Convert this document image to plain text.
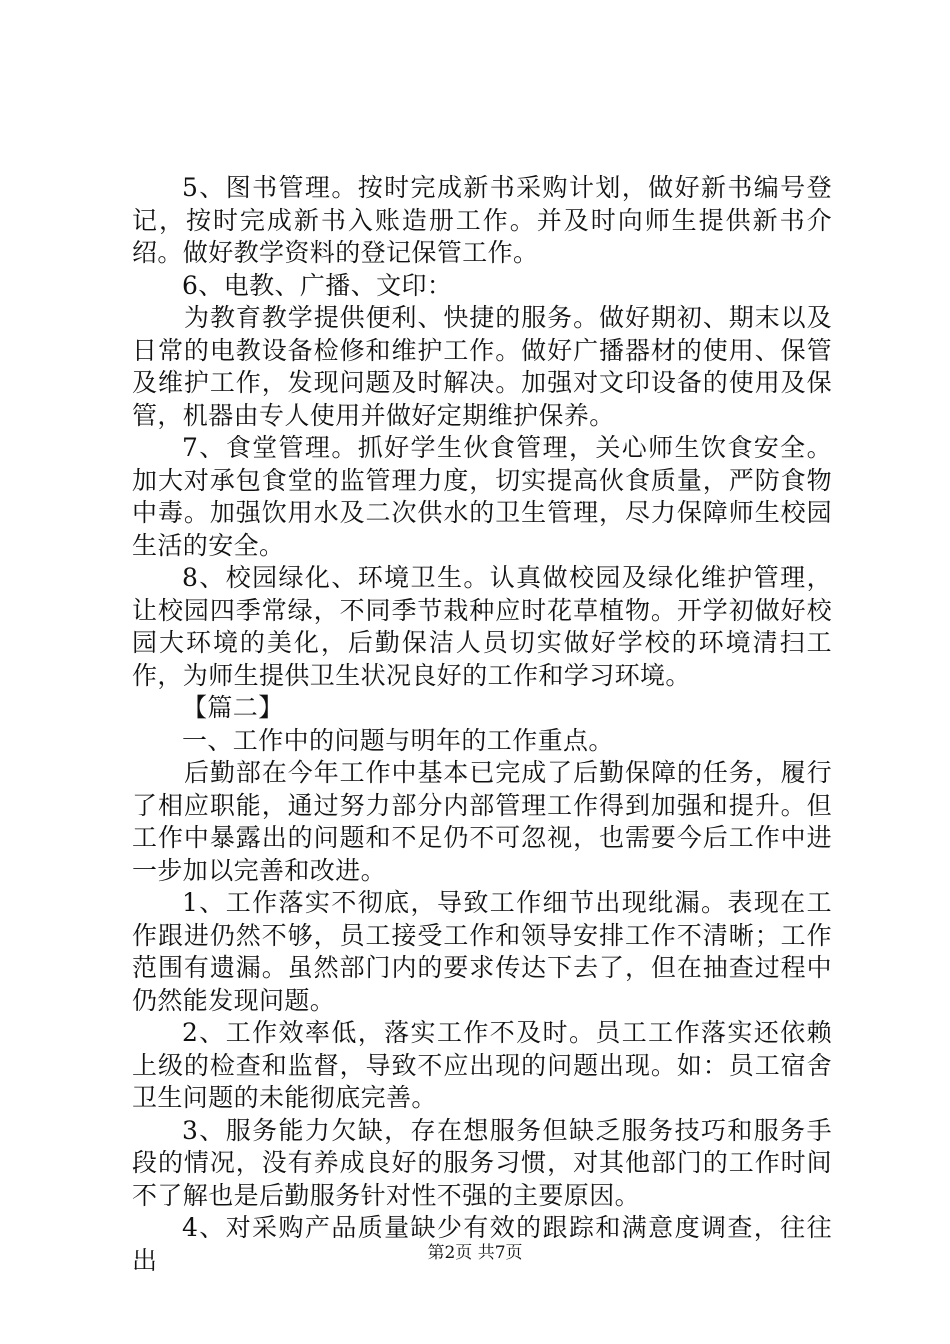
5、图书管理。按时完成新书采购计划，做好新书编号登记，按时完成新书入账造册工作。并及时向师生提供新书介绍。做好教学资料的登记保管工作。

6、电教、广播、文印：

为教育教学提供便利、快捷的服务。做好期初、期末以及日常的电教设备检修和维护工作。做好广播器材的使用、保管及维护工作，发现问题及时解决。加强对文印设备的使用及保管，机器由专人使用并做好定期维护保养。

7、食堂管理。抓好学生伙食管理，关心师生饮食安全。加大对承包食堂的监管理力度，切实提高伙食质量，严防食物中毒。加强饮用水及二次供水的卫生管理，尽力保障师生校园生活的安全。

8、校园绿化、环境卫生。认真做校园及绿化维护管理，让校园四季常绿，不同季节栽种应时花草植物。开学初做好校园大环境的美化，后勤保洁人员切实做好学校的环境清扫工作，为师生提供卫生状况良好的工作和学习环境。

【篇二】

一、工作中的问题与明年的工作重点。

后勤部在今年工作中基本已完成了后勤保障的任务，履行了相应职能，通过努力部分内部管理工作得到加强和提升。但工作中暴露出的问题和不足仍不可忽视，也需要今后工作中进一步加以完善和改进。

1、工作落实不彻底，导致工作细节出现纰漏。表现在工作跟进仍然不够，员工接受工作和领导安排工作不清晰；工作范围有遗漏。虽然部门内的要求传达下去了，但在抽查过程中仍然能发现问题。

2、工作效率低，落实工作不及时。员工工作落实还依赖上级的检查和监督，导致不应出现的问题出现。如：员工宿舍卫生问题的未能彻底完善。

3、服务能力欠缺，存在想服务但缺乏服务技巧和服务手段的情况，没有养成良好的服务习惯，对其他部门的工作时间不了解也是后勤服务针对性不强的主要原因。

4、对采购产品质量缺少有效的跟踪和满意度调查，往往出	第2页 共7页
